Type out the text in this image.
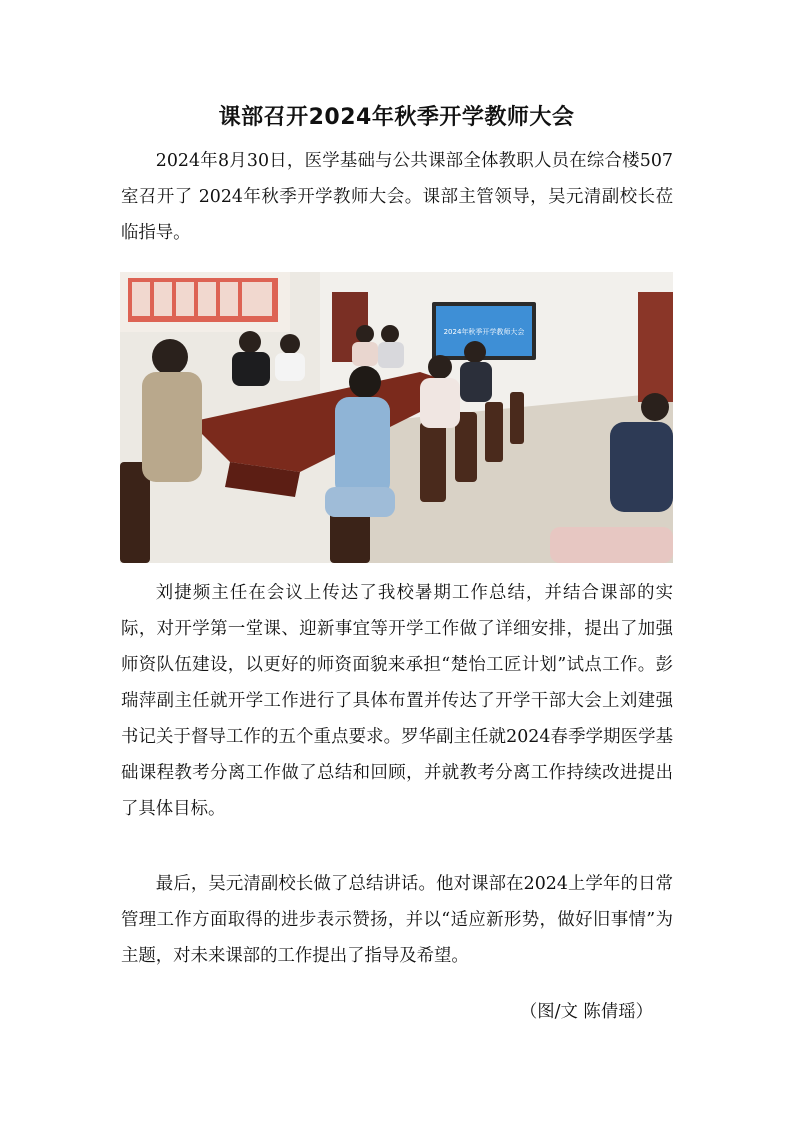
课部召开2024年秋季开学教师大会

2024年8月30日，医学基础与公共课部全体教职人员在综合楼507室召开了 2024年秋季开学教师大会。课部主管领导，吴元清副校长莅临指导。

2024年秋季开学教师大会

刘捷频主任在会议上传达了我校暑期工作总结，并结合课部的实际，对开学第一堂课、迎新事宜等开学工作做了详细安排，提出了加强师资队伍建设，以更好的师资面貌来承担“楚怡工匠计划”试点工作。彭瑞萍副主任就开学工作进行了具体布置并传达了开学干部大会上刘建强书记关于督导工作的五个重点要求。罗华副主任就2024春季学期医学基础课程教考分离工作做了总结和回顾，并就教考分离工作持续改进提出了具体目标。

最后，吴元清副校长做了总结讲话。他对课部在2024上学年的日常管理工作方面取得的进步表示赞扬，并以“适应新形势，做好旧事情”为主题，对未来课部的工作提出了指导及希望。

（图/文 陈倩瑶）
